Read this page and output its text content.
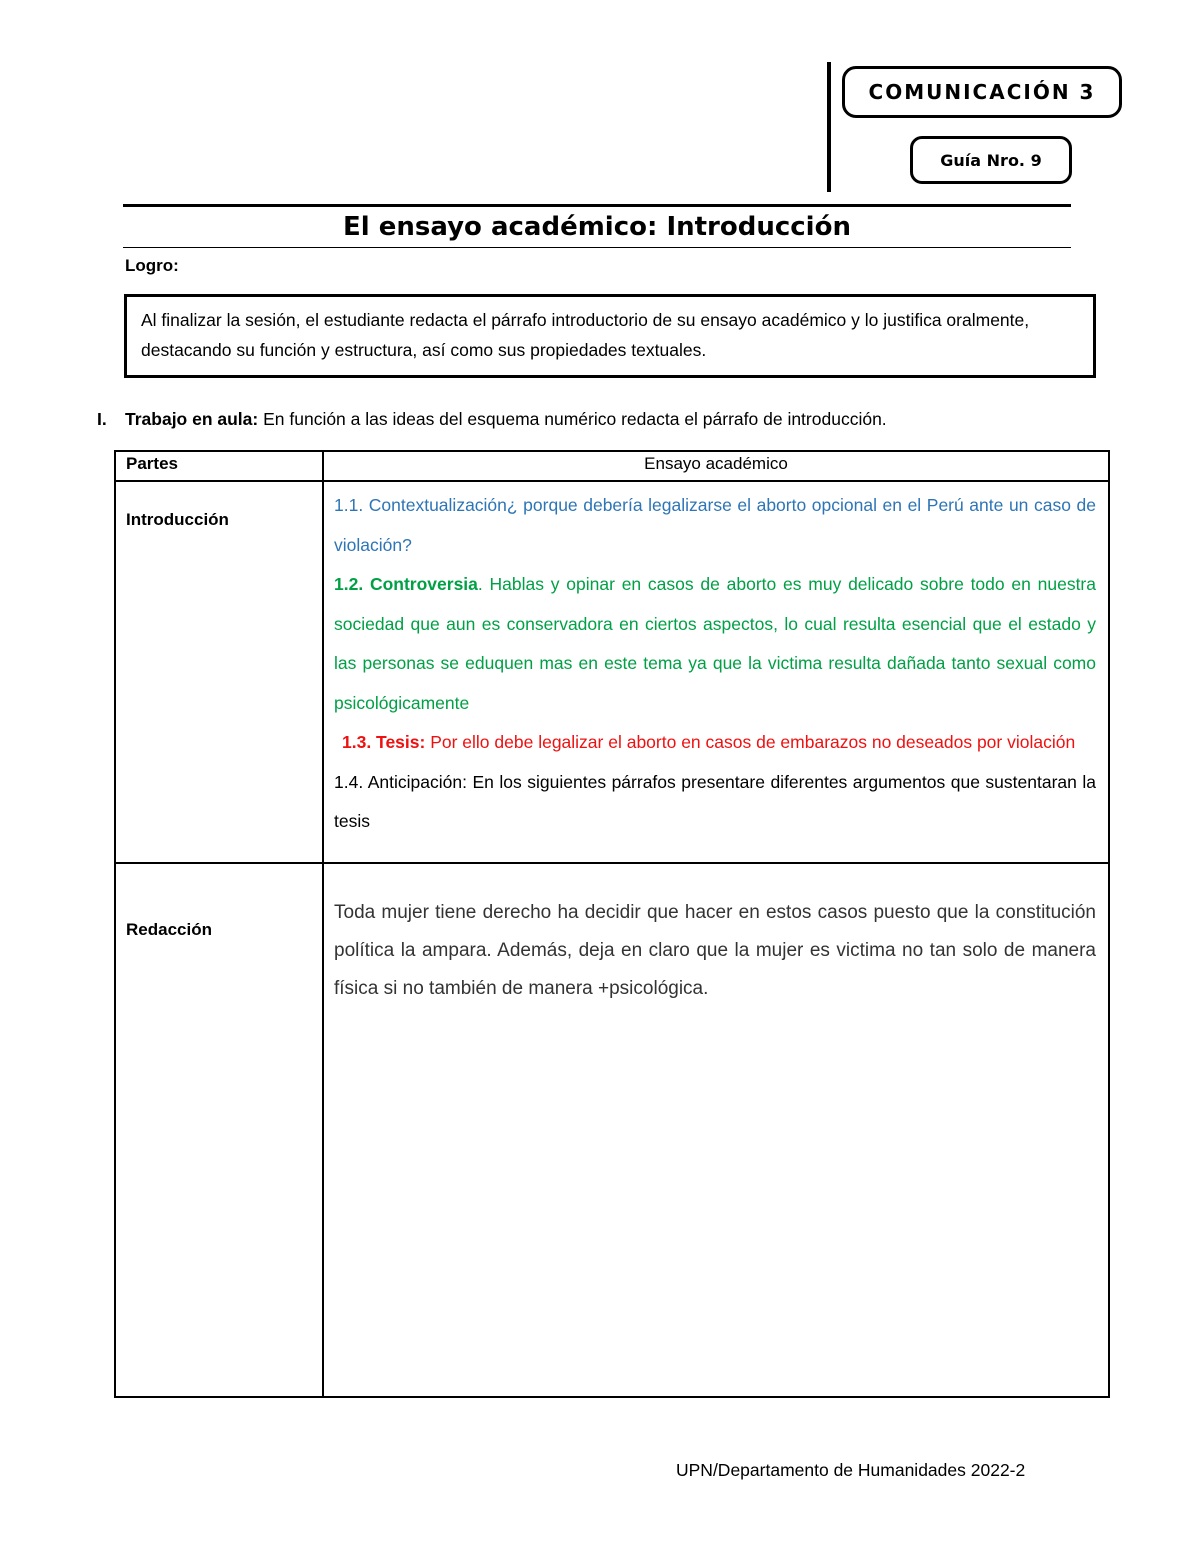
COMUNICACIÓN 3
Guía Nro. 9
El ensayo académico: Introducción
Logro:
Al finalizar la sesión, el estudiante redacta el párrafo introductorio de su ensayo académico y lo justifica oralmente, destacando su función y estructura, así como sus propiedades textuales.
I. Trabajo en aula: En función a las ideas del esquema numérico redacta el párrafo de introducción.
Partes	Ensayo académico
Introducción	1.1. Contextualización¿ porque debería legalizarse el aborto opcional en el Perú ante un caso de violación?

1.2. Controversia. Hablas y opinar en casos de aborto es muy delicado sobre todo en nuestra sociedad que aun es conservadora en ciertos aspectos, lo cual resulta esencial que el estado y las personas se eduquen mas en este tema ya que la victima resulta dañada tanto sexual como psicológicamente

1.3. Tesis: Por ello debe legalizar el aborto en casos de embarazos no deseados por violación

1.4. Anticipación: En los siguientes párrafos presentare diferentes argumentos que sustentaran la tesis

Redacción	Toda mujer tiene derecho ha decidir que hacer en estos casos puesto que la constitución política la ampara. Además, deja en claro que la mujer es victima no tan solo de manera física si no también de manera +psicológica.
UPN/Departamento de Humanidades 2022-2
